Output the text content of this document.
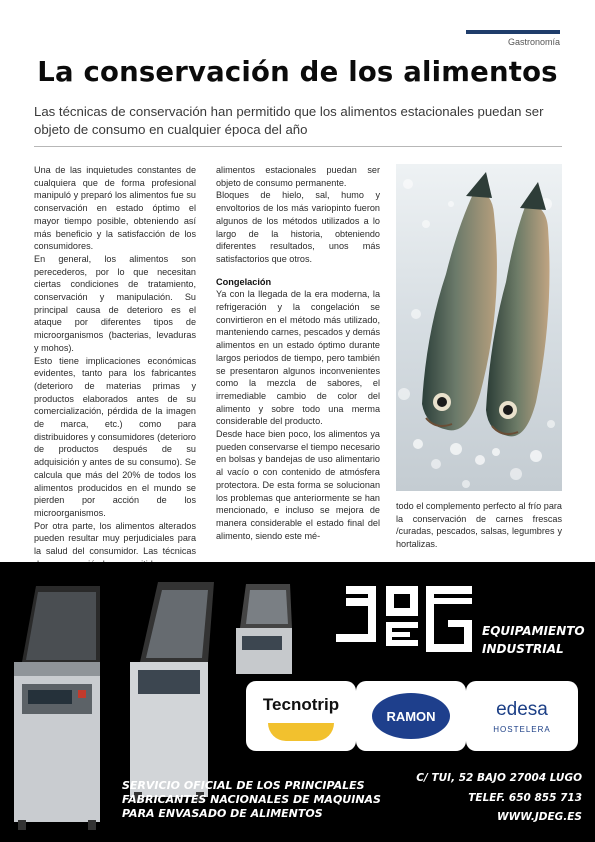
Gastronomía
La conservación de los alimentos
Las técnicas de conservación han permitido que los alimentos estacionales puedan ser objeto de consumo en cualquier época del año

Una de las inquietudes constantes de cualquiera que de forma profesional manipuló y preparó los alimentos fue su conservación en estado óptimo el mayor tiempo posible, obteniendo así más beneficio y la satisfacción de los consumidores.

En general, los alimentos son perecederos, por lo que necesitan ciertas condiciones de tratamiento, conservación y manipulación. Su principal causa de deterioro es el ataque por diferentes tipos de microorganismos (bacterias, levaduras y mohos).

Esto tiene implicaciones económicas evidentes, tanto para los fabricantes (deterioro de materias primas y productos elaborados antes de su comercialización, pérdida de la imagen de marca, etc.) como para distribuidores y consumidores (deterioro de productos después de su adquisición y antes de su consumo). Se calcula que más del 20% de todos los alimentos producidos en el mundo se pierden por acción de los microorganismos.

Por otra parte, los alimentos alterados pueden resultar muy perjudiciales para la salud del consumidor. Las técnicas

alimentos estacionales puedan ser objeto de consumo permanente.

Bloques de hielo, sal, humo y envoltorios de los más variopinto fueron algunos de los métodos utilizados a lo largo de la historia, obteniendo diferentes resultados, unos más satisfactorios que otros.

Congelación

Ya con la llegada de la era moderna, la refrigeración y la congelación se convirtieron en el método más utilizado, manteniendo carnes, pescados y demás alimentos en un estado óptimo durante largos periodos de tiempo, pero también se presentaron algunos inconvenientes como la mezcla de sabores, el irremediable cambio de color del alimento y sobre todo una merma considerable del producto.

Desde hace bien poco, los alimentos ya pueden conservarse el tiempo necesario en bolsas y bandejas de uso alimentario al vacío o con contenido de atmósfera protectora. De esta forma se solucionan los problemas que anteriormente se han mencionado, e incluso se mejora de manera considerable el estado final del alimento, siendo este mé-

todo el complemento perfecto al frío para la conservación de carnes frescas /curadas, pescados, salsas, legumbres y hortalizas.

EQUIPAMIENTO
INDUSTRIAL
Tecnotrip
RAMON	edesa
HOSTELERA
SERVICIO OFICIAL DE LOS PRINCIPALES
FABRICANTES NACIONALES DE MAQUINAS
PARA ENVASADO DE ALIMENTOS
C/ TUI, 52 BAJO 27004 LUGO
TELEF. 650 855 713
WWW.JDEG.ES
